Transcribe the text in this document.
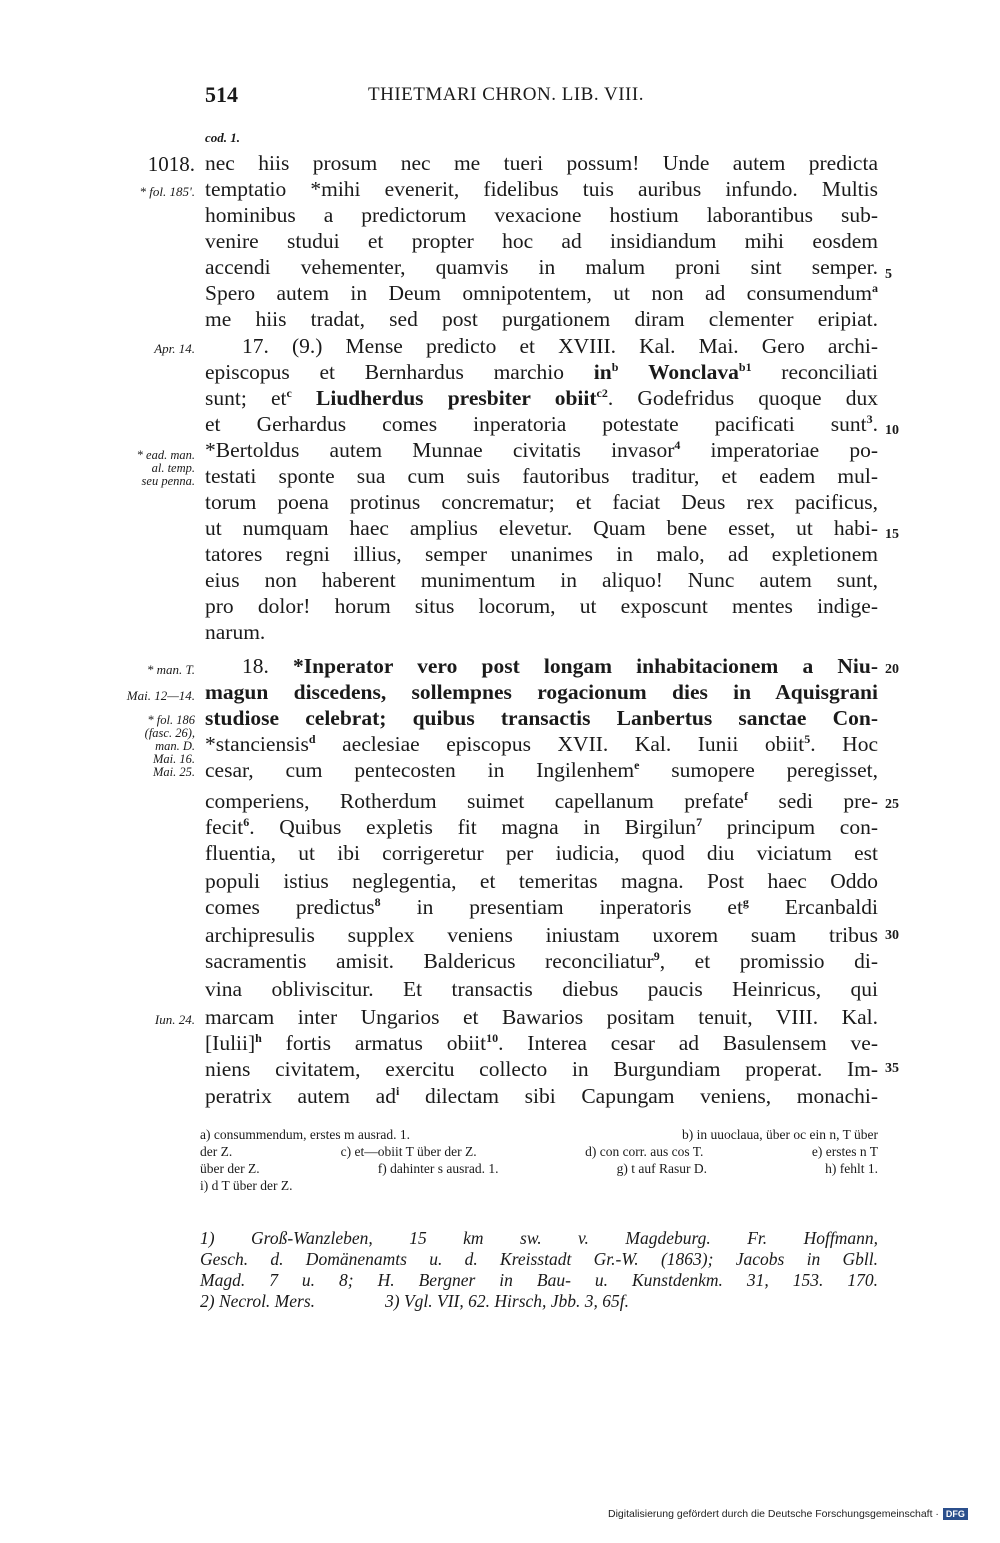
514	THIETMARI CHRON. LIB. VIII.
cod. 1.
1018.
* fol. 185'.
Apr. 14.
* ead. man.
al. temp.
seu penna.
* man. T.
Mai. 12—14.
* fol. 186
(fasc. 26),
man. D.
Mai. 16.
Mai. 25.
Iun. 24.
5
10
15
20
25
30
35
nec hiis prosum nec me tueri possum! Unde autem predicta
temptatio *mihi evenerit, fidelibus tuis auribus infundo. Multis
hominibus a predictorum vexacione hostium laborantibus sub-
venire studui et propter hoc ad insidiandum mihi eosdem
accendi vehementer, quamvis in malum proni sint semper.
Spero autem in Deum omnipotentem, ut non ad consumendum$^a$
me hiis tradat, sed post purgationem diram clementer eripiat.
17. (9.) Mense predicto et XVIII. Kal. Mai. Gero archi-
episcopus et Bernhardus marchio $in^b$ Wonclava$^{b1}$ reconciliati
sunt; $et^c$ Liudherdus presbiter obiit$^{c2}$. Godefridus quoque dux
et Gerhardus comes inperatoria potestate pacificati sunt$^3$.
*Bertoldus autem Munnae civitatis invasor$^4$ imperatoriae po-
testati sponte sua cum suis fautoribus traditur, et eadem mul-
torum poena protinus concrematur; et faciat Deus rex pacificus,
ut numquam haec amplius elevetur. Quam bene esset, ut habi-
tatores regni illius, semper unanimes in malo, ad expletionem
eius non haberent munimentum in aliquo! Nunc autem sunt,
pro dolor! horum situs locorum, ut exposcunt mentes indige-
narum.
18. *Inperator vero post longam inhabitacionem a Niu-
magun discedens, sollempnes rogacionum dies in Aquisgrani
studiose celebrat; quibus transactis Lanbertus sanctae Con-
*stanciensis$^d$ aeclesiae episcopus XVII. Kal. Iunii obiit$^5$. Hoc
cesar, cum pentecosten in Ingilenhem$^e$ sumopere peregisset,
comperiens, Rotherdum suimet capellanum prefate$^f$ sedi pre-
fecit$^6$. Quibus expletis fit magna in Birgilun$^7$ principum con-
fluentia, ut ibi corrigeretur per iudicia, quod diu viciatum est
populi istius neglegentia, et temeritas magna. Post haec Oddo
comes predictus$^8$ in presentiam inperatoris $et^g$ Ercanbaldi
archipresulis supplex veniens iniustam uxorem suam tribus
sacramentis amisit. Baldericus reconciliatur$^9$, et promissio di-
vina obliviscitur. Et transactis diebus paucis Heinricus, qui
marcam inter Ungarios et Bawarios positam tenuit, VIII. Kal.
[Iulii]$^h$ fortis armatus obiit$^{10}$. Interea cesar ad Basulensem ve-
niens civitatem, exercitu collecto in Burgundiam properat. Im-
peratrix autem $ad^i$ dilectam sibi Capungam veniens, monachi-
a) consummendum, erstes m ausrad. 1.	b) in uuoclaua, über oc ein n, T über
der Z.	c) et—obiit T über der Z.	d) con corr. aus cos T.	e) erstes n T
über der Z.	f) dahinter s ausrad. 1.	g) t auf Rasur D.	h) fehlt 1.
i) d T über der Z.
1) Groß-Wanzleben, 15 km sw. v. Magdeburg. Fr. Hoffmann,
Gesch. d. Domänenamts u. d. Kreisstadt Gr.-W. (1863); Jacobs in Gbll.
Magd. 7 u. 8; H. Bergner in Bau- u. Kunstdenkm. 31, 153. 170.
2) Necrol. Mers.	3) Vgl. VII, 62. Hirsch, Jbb. 3, 65f.
Digitalisierung gefördert durch die Deutsche Forschungsgemeinschaft · DFG
